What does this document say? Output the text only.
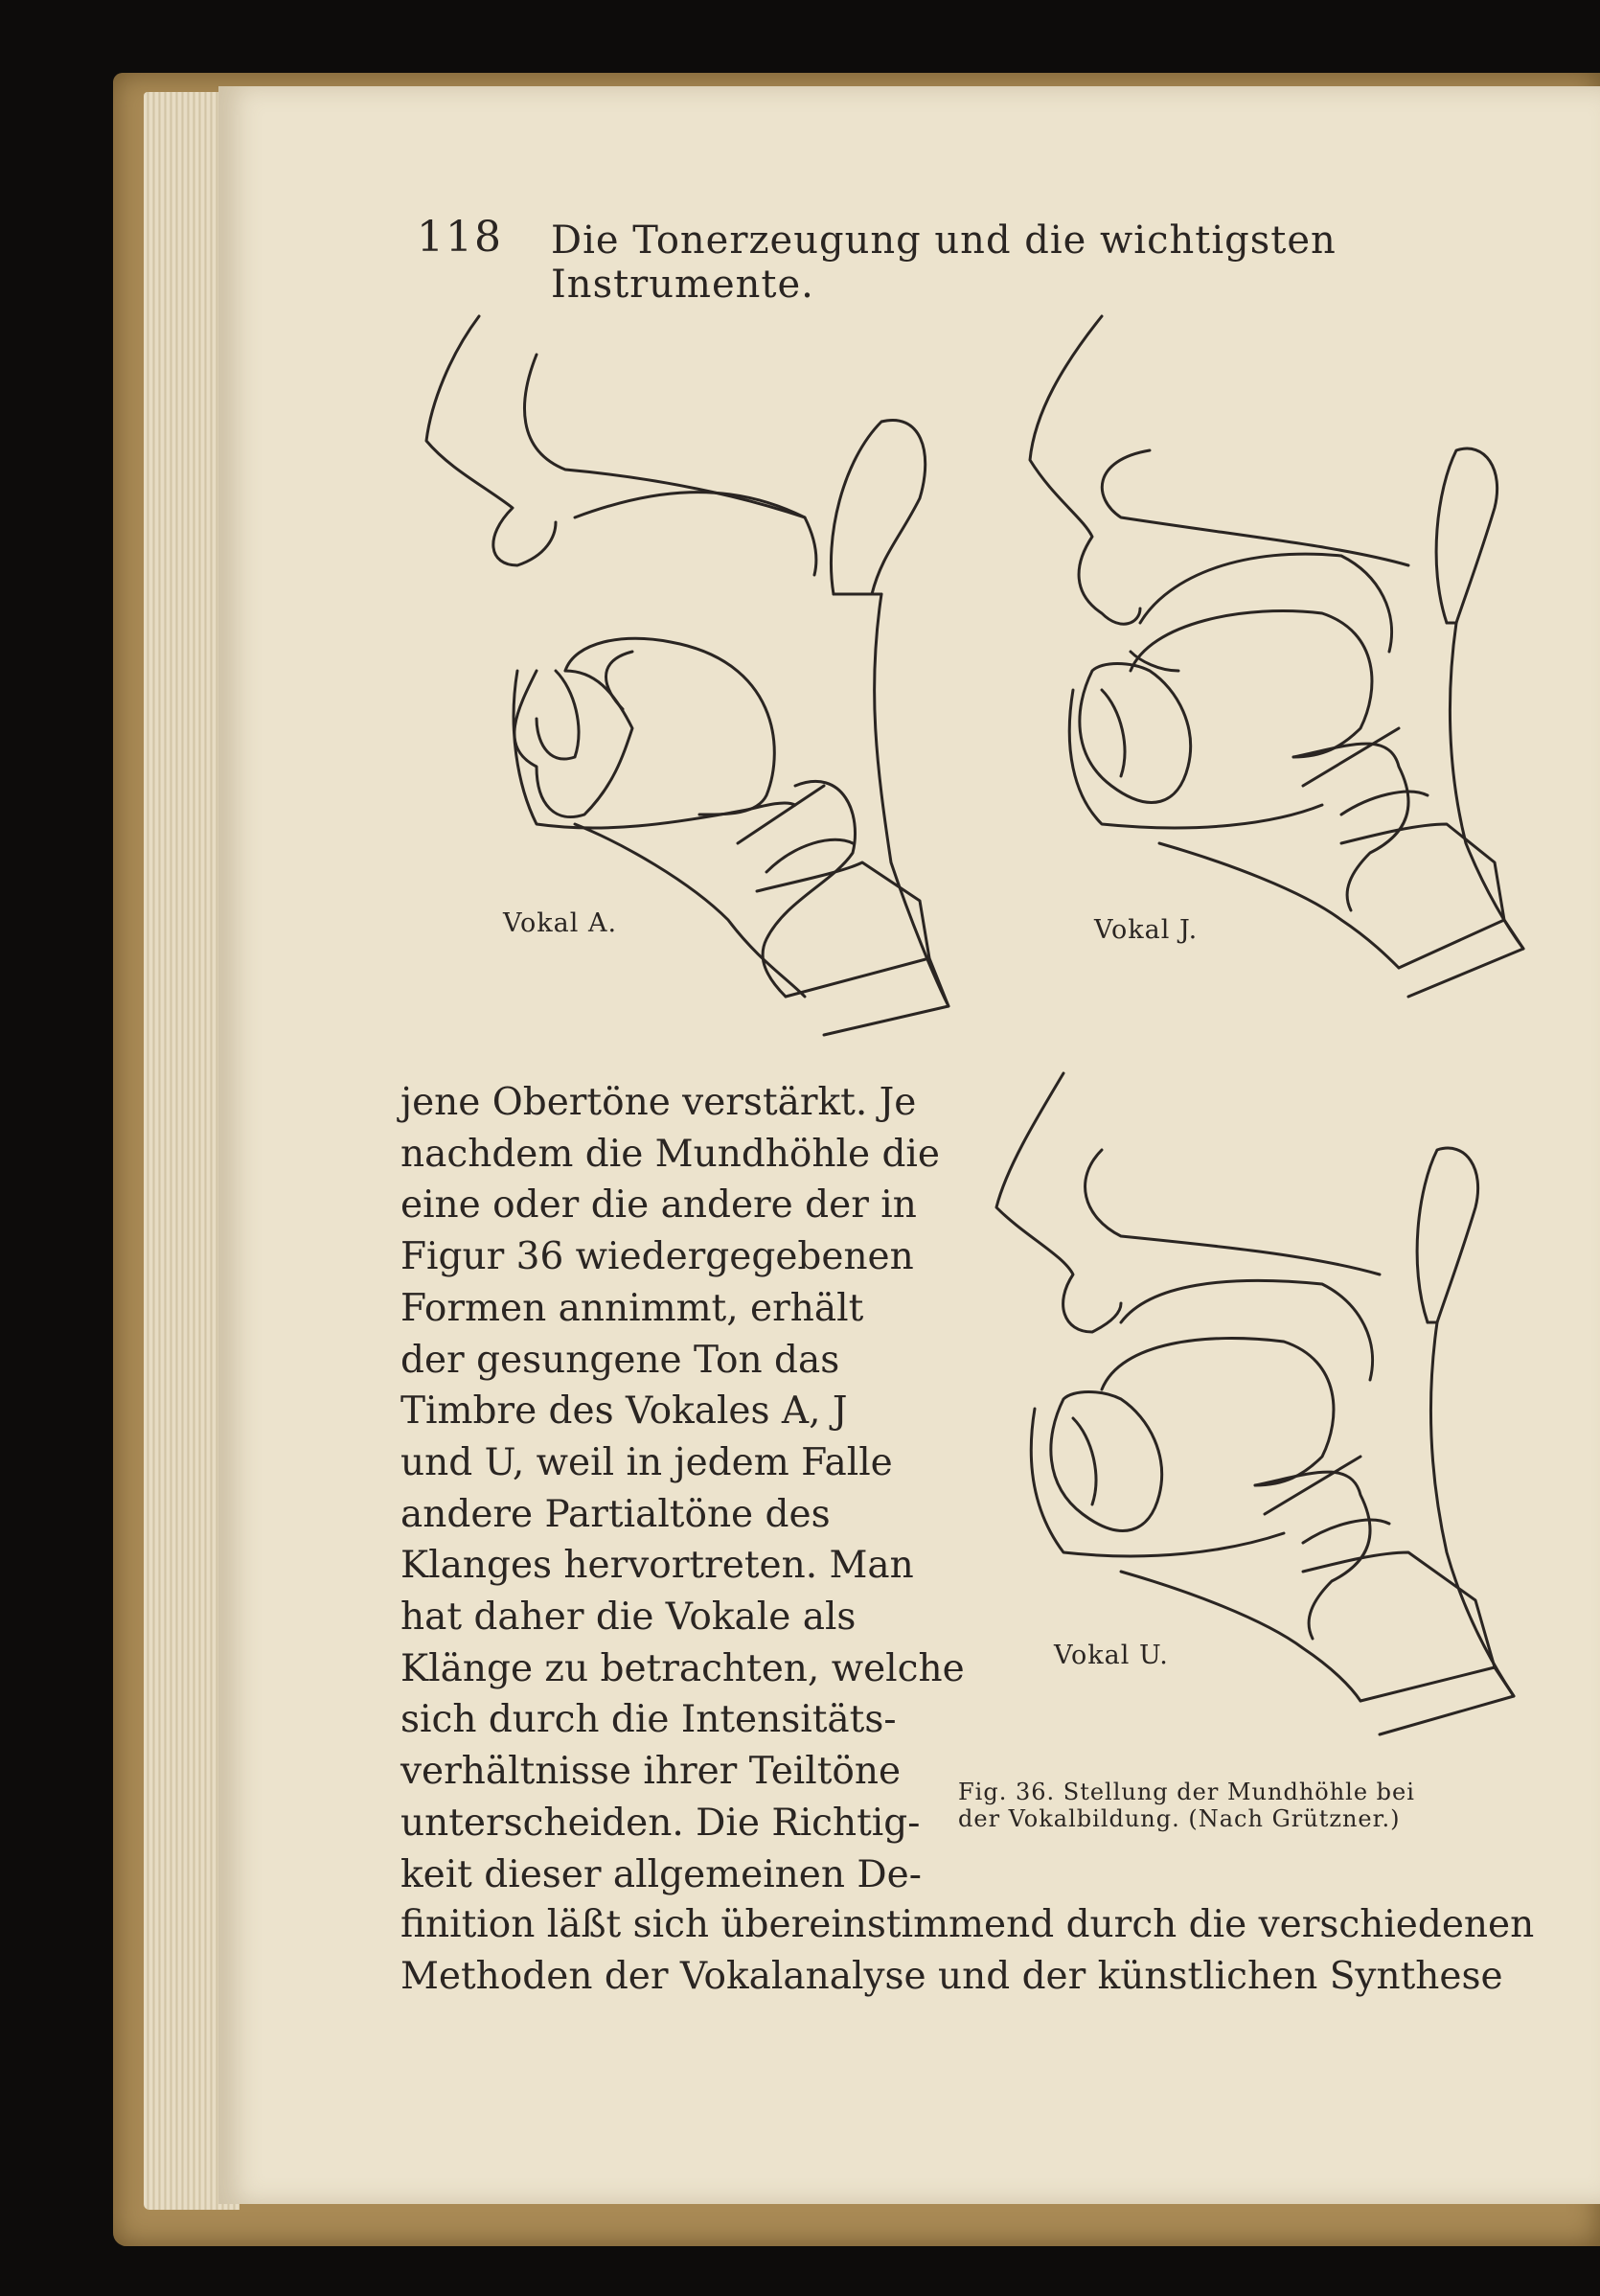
118 Die Tonerzeugung und die wichtigsten Instrumente.
Vokal A.	Vokal J.
Vokal U.
Fig. 36. Stellung der Mundhöhle bei
der Vokalbildung. (Nach Grützner.)

jene Obertöne verstärkt. Je
nachdem die Mundhöhle die
eine oder die andere der in
Figur 36 wiedergegebenen
Formen annimmt, erhält
der gesungene Ton das
Timbre des Vokales A, J
und U, weil in jedem Falle
andere Partialtöne des
Klanges hervortreten. Man
hat daher die Vokale als
Klänge zu betrachten, welche
sich durch die Intensitäts-
verhältnisse ihrer Teiltöne
unterscheiden. Die Richtig-
keit dieser allgemeinen De-

finition läßt sich übereinstimmend durch die verschiedenen
Methoden der Vokalanalyse und der künstlichen Synthese
